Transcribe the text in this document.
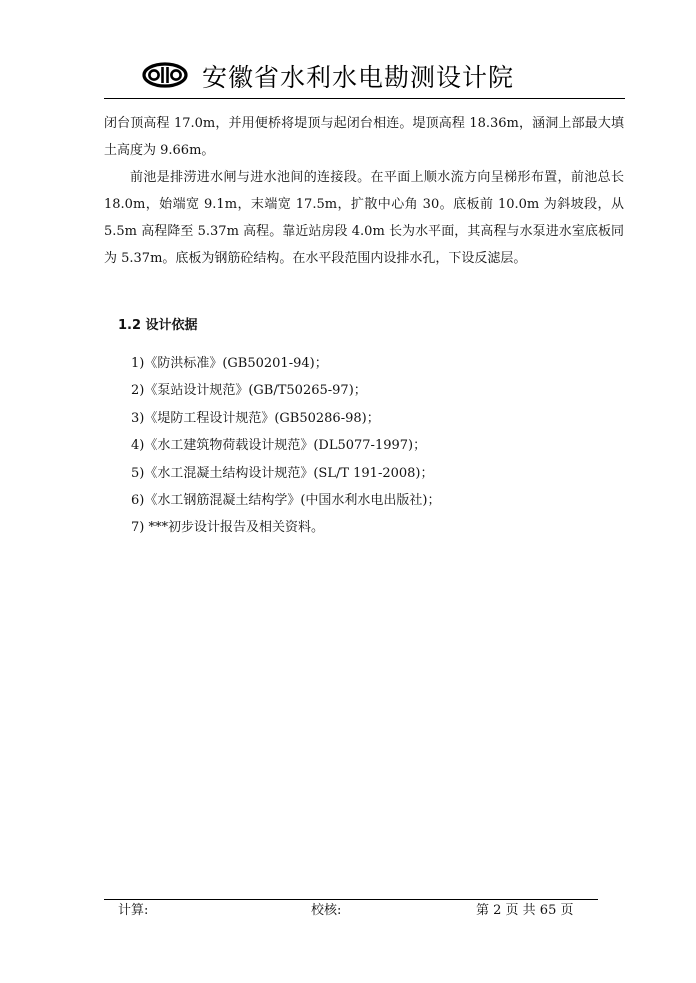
安徽省水利水电勘测设计院

闭台顶高程 17.0m，并用便桥将堤顶与起闭台相连。堤顶高程 18.36m，涵洞上部最大填土高度为 9.66m。

前池是排涝进水闸与进水池间的连接段。在平面上顺水流方向呈梯形布置，前池总长 18.0m，始端宽 9.1m，末端宽 17.5m，扩散中心角 30。底板前 10.0m 为斜坡段，从 5.5m 高程降至 5.37m 高程。靠近站房段 4.0m 长为水平面，其高程与水泵进水室底板同为 5.37m。底板为钢筋砼结构。在水平段范围内设排水孔，下设反滤层。

1.2 设计依据
1)《防洪标准》(GB50201-94)；
2)《泵站设计规范》(GB/T50265-97)；
3)《堤防工程设计规范》(GB50286-98)；
4)《水工建筑物荷载设计规范》(DL5077-1997)；
5)《水工混凝土结构设计规范》(SL/T 191-2008)；
6)《水工钢筋混凝土结构学》(中国水利水电出版社)；
7) ***初步设计报告及相关资料。
计算:	校核:	第 2 页 共 65 页
